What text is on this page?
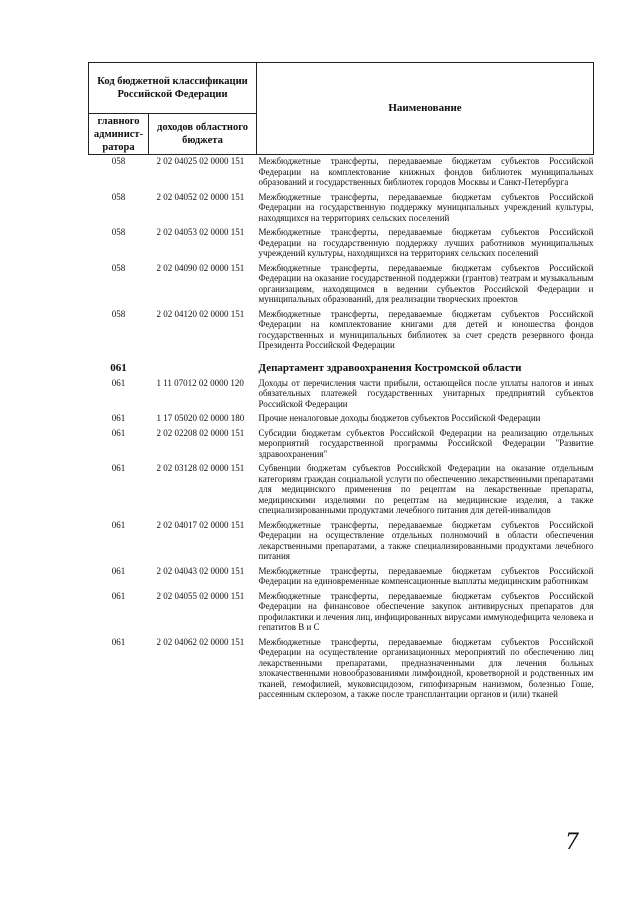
Код бюджетной классификации Российской Федерации		Наименование
главного админист-ратора	доходов областного бюджета	
058	2 02 04025 02 0000 151	Межбюджетные трансферты, передаваемые бюджетам субъектов Российской Федерации на комплектование книжных фондов библиотек муниципальных образований и государственных библиотек городов Москвы и Санкт-Петербурга
058	2 02 04052 02 0000 151	Межбюджетные трансферты, передаваемые бюджетам субъектов Российской Федерации на государственную поддержку муниципальных учреждений культуры, находящихся на территориях сельских поселений
058	2 02 04053 02 0000 151	Межбюджетные трансферты, передаваемые бюджетам субъектов Российской Федерации на государственную поддержку лучших работников муниципальных учреждений культуры, находящихся на территориях сельских поселений
058	2 02 04090 02 0000 151	Межбюджетные трансферты, передаваемые бюджетам субъектов Российской Федерации на оказание государственной поддержки (грантов) театрам и музыкальным организациям, находящимся в ведении субъектов Российской Федерации и муниципальных образований, для реализации творческих проектов
058	2 02 04120 02 0000 151	Межбюджетные трансферты, передаваемые бюджетам субъектов Российской Федерации на комплектование книгами для детей и юношества фондов государственных и муниципальных библиотек за счет средств резервного фонда Президента Российской Федерации
061		Департамент здравоохранения Костромской области
061	1 11 07012 02 0000 120	Доходы от перечисления части прибыли, остающейся после уплаты налогов и иных обязательных платежей государственных унитарных предприятий субъектов Российской Федерации
061	1 17 05020 02 0000 180	Прочие неналоговые доходы бюджетов субъектов Российской Федерации
061	2 02 02208 02 0000 151	Субсидии бюджетам субъектов Российской Федерации на реализацию отдельных мероприятий государственной программы Российской Федерации "Развитие здравоохранения"
061	2 02 03128 02 0000 151	Субвенции бюджетам субъектов Российской Федерации на оказание отдельным категориям граждан социальной услуги по обеспечению лекарственными препаратами для медицинского применения по рецептам на лекарственные препараты, медицинскими изделиями по рецептам на медицинские изделия, а также специализированными продуктами лечебного питания для детей-инвалидов
061	2 02 04017 02 0000 151	Межбюджетные трансферты, передаваемые бюджетам субъектов Российской Федерации на осуществление отдельных полномочий в области обеспечения лекарственными препаратами, а также специализированными продуктами лечебного питания
061	2 02 04043 02 0000 151	Межбюджетные трансферты, передаваемые бюджетам субъектов Российской Федерации на единовременные компенсационные выплаты медицинским работникам
061	2 02 04055 02 0000 151	Межбюджетные трансферты, передаваемые бюджетам субъектов Российской Федерации на финансовое обеспечение закупок антивирусных препаратов для профилактики и лечения лиц, инфицированных вирусами иммунодефицита человека и гепатитов В и С
061	2 02 04062 02 0000 151	Межбюджетные трансферты, передаваемые бюджетам субъектов Российской Федерации на осуществление организационных мероприятий по обеспечению лиц лекарственными препаратами, предназначенными для лечения больных злокачественными новообразованиями лимфоидной, кроветворной и родственных им тканей, гемофилией, муковисцидозом, гипофизарным нанизмом, болезнью Гоше, рассеянным склерозом, а также после трансплантации органов и (или) тканей
7
